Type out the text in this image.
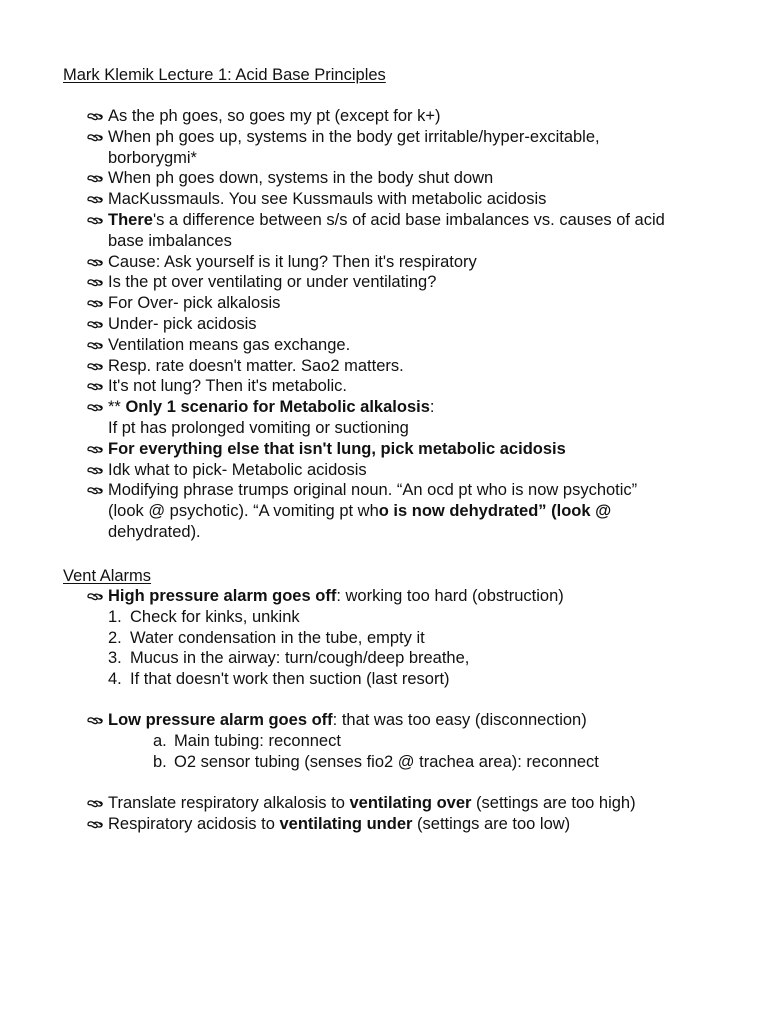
Mark Klemik Lecture 1: Acid Base Principles
As the ph goes, so goes my pt (except for k+)
When ph goes up, systems in the body get irritable/hyper-excitable,
borborygmi*
When ph goes down, systems in the body shut down
MacKussmauls. You see Kussmauls with metabolic acidosis
There's a difference between s/s of acid base imbalances vs. causes of acid
base imbalances
Cause: Ask yourself is it lung? Then it's respiratory
Is the pt over ventilating or under ventilating?
For Over- pick alkalosis
Under- pick acidosis
Ventilation means gas exchange.
Resp. rate doesn't matter. Sao2 matters.
It's not lung? Then it's metabolic.
** Only 1 scenario for Metabolic alkalosis:
If pt has prolonged vomiting or suctioning
For everything else that isn't lung, pick metabolic acidosis
Idk what to pick- Metabolic acidosis
Modifying phrase trumps original noun. “An ocd pt who is now psychotic”
(look @ psychotic). “A vomiting pt who is now dehydrated” (look @
dehydrated).
Vent Alarms
High pressure alarm goes off: working too hard (obstruction)
1. Check for kinks, unkink
2. Water condensation in the tube, empty it
3. Mucus in the airway: turn/cough/deep breathe,
4. If that doesn't work then suction (last resort)
Low pressure alarm goes off: that was too easy (disconnection)
a. Main tubing: reconnect
b. O2 sensor tubing (senses fio2 @ trachea area): reconnect
Translate respiratory alkalosis to ventilating over (settings are too high)
Respiratory acidosis to ventilating under (settings are too low)
